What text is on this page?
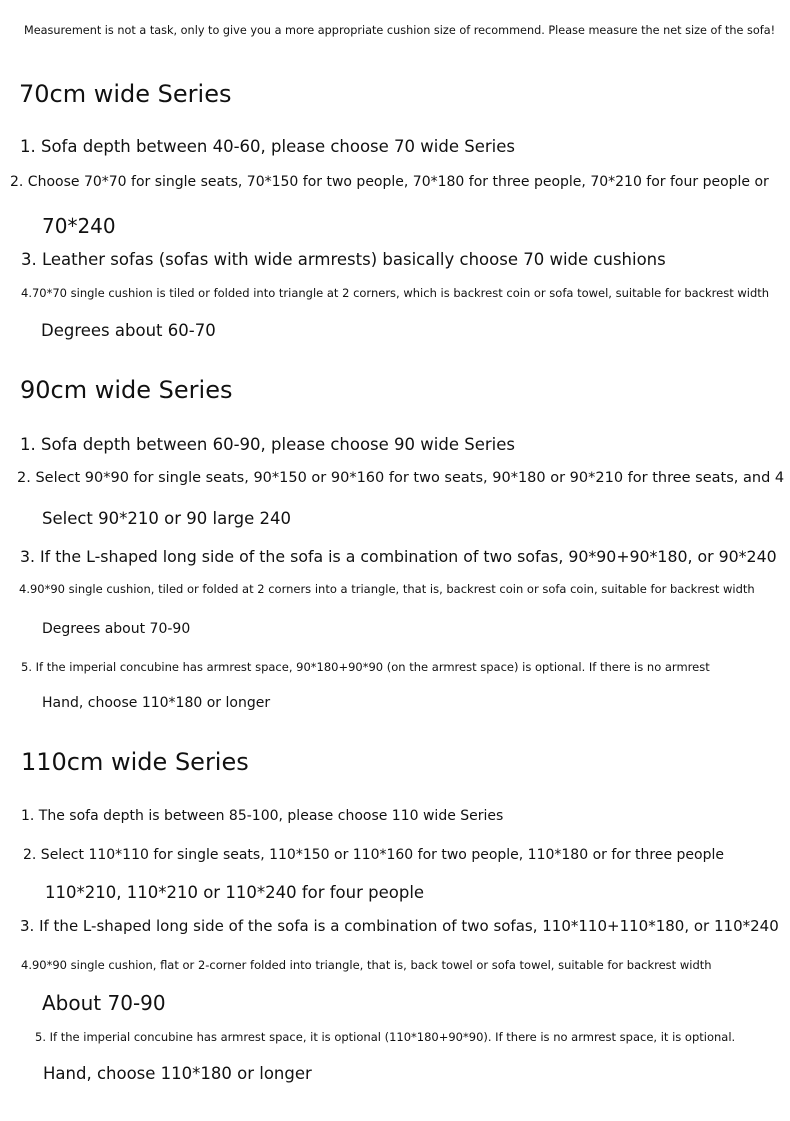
Measurement is not a task, only to give you a more appropriate cushion size of recommend. Please measure the net size of the sofa!

70cm wide Series

1. Sofa depth between 40-60, please choose 70 wide Series

2. Choose 70*70 for single seats, 70*150 for two people, 70*180 for three people, 70*210 for four people or

70*240

3. Leather sofas (sofas with wide armrests) basically choose 70 wide cushions

4.70*70 single cushion is tiled or folded into triangle at 2 corners, which is backrest coin or sofa towel, suitable for backrest width

Degrees about 60-70

90cm wide Series

1. Sofa depth between 60-90, please choose 90 wide Series

2. Select 90*90 for single seats, 90*150 or 90*160 for two seats, 90*180 or 90*210 for three seats, and 4

Select 90*210 or 90 large 240

3. If the L-shaped long side of the sofa is a combination of two sofas, 90*90+90*180, or 90*240

4.90*90 single cushion, tiled or folded at 2 corners into a triangle, that is, backrest coin or sofa coin, suitable for backrest width

Degrees about 70-90

5. If the imperial concubine has armrest space, 90*180+90*90 (on the armrest space) is optional. If there is no armrest

Hand, choose 110*180 or longer

110cm wide Series

1. The sofa depth is between 85-100, please choose 110 wide Series

2. Select 110*110 for single seats, 110*150 or 110*160 for two people, 110*180 or for three people

110*210, 110*210 or 110*240 for four people

3. If the L-shaped long side of the sofa is a combination of two sofas, 110*110+110*180, or 110*240

4.90*90 single cushion, flat or 2-corner folded into triangle, that is, back towel or sofa towel, suitable for backrest width

About 70-90

5. If the imperial concubine has armrest space, it is optional (110*180+90*90). If there is no armrest space, it is optional.

Hand, choose 110*180 or longer
